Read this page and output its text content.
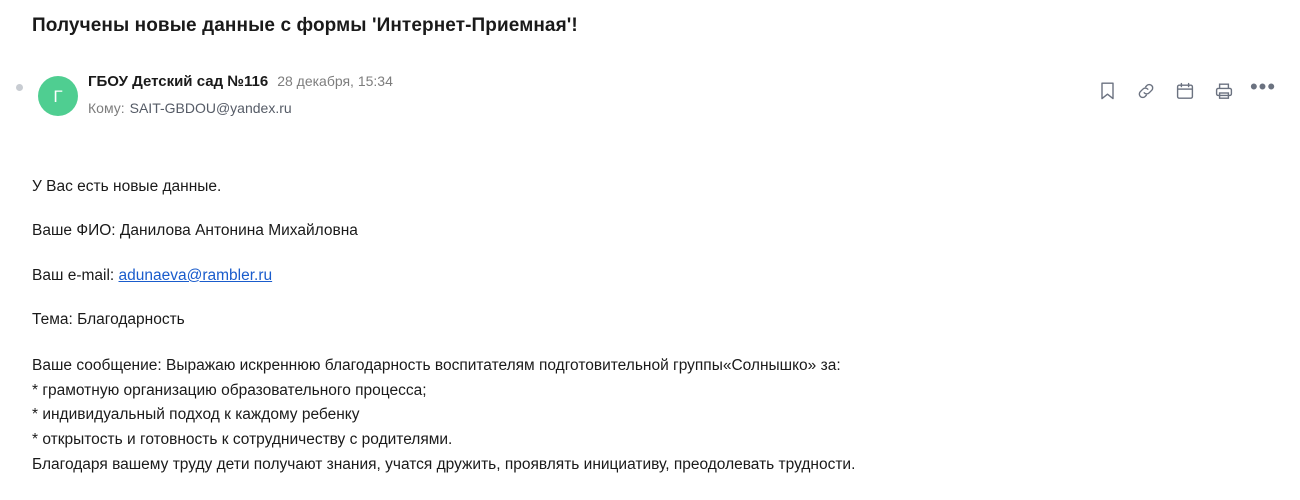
Получены новые данные с формы 'Интернет-Приемная'!
Г
ГБОУ Детский сад №116 28 декабря, 15:34
Кому: SAIT-GBDOU@yandex.ru
•••

У Вас есть новые данные.

Ваше ФИО: Данилова Антонина Михайловна

Ваш e-mail: adunaeva@rambler.ru

Тема: Благодарность

Ваше сообщение: Выражаю искреннюю благодарность воспитателям подготовительной группы«Солнышко» за:

* грамотную организацию образовательного процесса;

* индивидуальный подход к каждому ребенку

* открытость и готовность к сотрудничеству с родителями.

Благодаря вашему труду дети получают знания, учатся дружить, проявлять инициативу, преодолевать трудности.
